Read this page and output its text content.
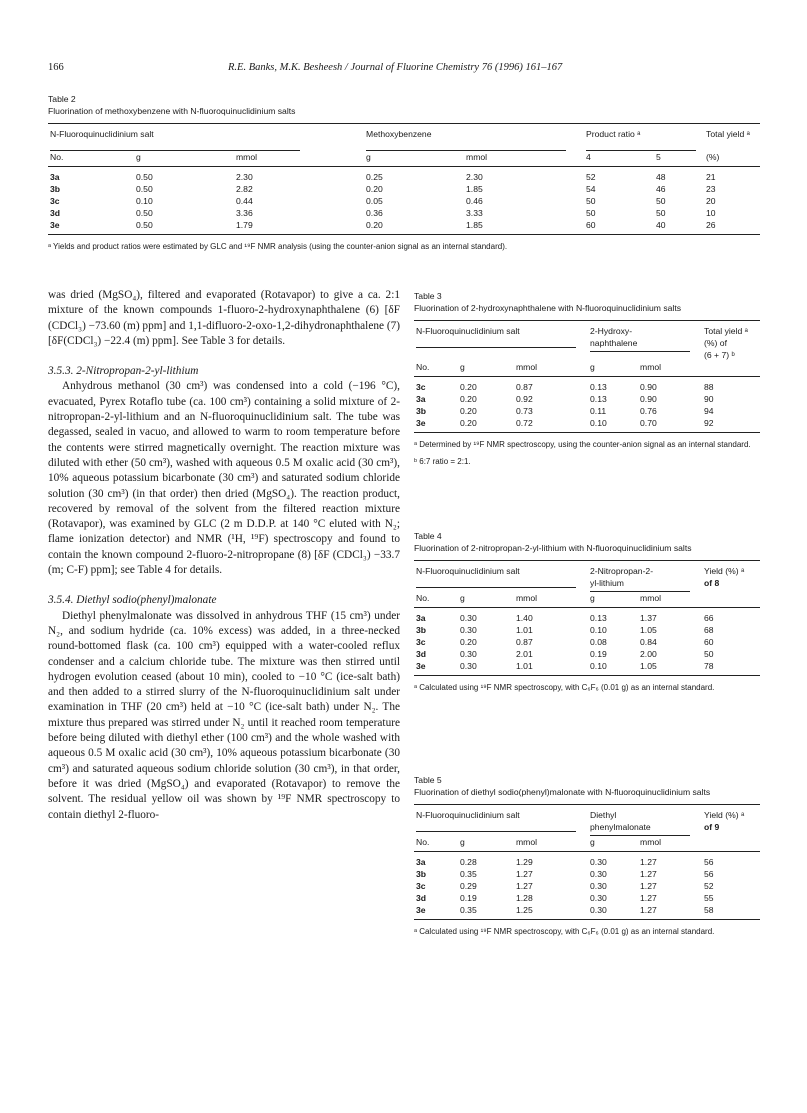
166	R.E. Banks, M.K. Besheesh / Journal of Fluorine Chemistry 76 (1996) 161–167
Table 2
Fluorination of methoxybenzene with N-fluoroquinuclidinium salts
N-Fluoroquinuclidinium salt			Methoxybenzene		Product ratio ᵃ		Total yield ᵃ
No.	g	mmol	g	mmol	4	5	(%)
3a	0.50	2.30	0.25	2.30	52	48	21
3b	0.50	2.82	0.20	1.85	54	46	23
3c	0.10	0.44	0.05	0.46	50	50	20
3d	0.50	3.36	0.36	3.33	50	50	10
3e	0.50	1.79	0.20	1.85	60	40	26
ᵃ Yields and product ratios were estimated by GLC and ¹⁹F NMR analysis (using the counter-anion signal as an internal standard).

was dried (MgSO₄), filtered and evaporated (Rotavapor) to give a ca. 2:1 mixture of the known compounds 1-fluoro-2-hydroxynaphthalene (6) [δF (CDCl₃) −73.60 (m) ppm] and 1,1-difluoro-2-oxo-1,2-dihydronaphthalene (7) [δF(CDCl₃) −22.4 (m) ppm]. See Table 3 for details.

3.5.3. 2-Nitropropan-2-yl-lithium

Anhydrous methanol (30 cm³) was condensed into a cold (−196 °C), evacuated, Pyrex Rotaflo tube (ca. 100 cm³) containing a solid mixture of 2-nitropropan-2-yl-lithium and an N-fluoroquinuclidinium salt. The tube was degassed, sealed in vacuo, and allowed to warm to room temperature before the contents were stirred magnetically overnight. The reaction mixture was diluted with ether (50 cm³), washed with aqueous 0.5 M oxalic acid (30 cm³), 10% aqueous potassium bicarbonate (30 cm³) and saturated sodium chloride solution (30 cm³) (in that order) then dried (MgSO₄). The reaction product, recovered by removal of the solvent from the filtered reaction mixture (Rotavapor), was examined by GLC (2 m D.D.P. at 140 °C eluted with N₂; flame ionization detector) and NMR (¹H, ¹⁹F) spectroscopy and found to contain the known compound 2-fluoro-2-nitropropane (8) [δF (CDCl₃) −33.7 (m; C-F) ppm]; see Table 4 for details.

3.5.4. Diethyl sodio(phenyl)malonate

Diethyl phenylmalonate was dissolved in anhydrous THF (15 cm³) under N₂, and sodium hydride (ca. 10% excess) was added, in a three-necked round-bottomed flask (ca. 100 cm³) equipped with a water-cooled reflux condenser and a calcium chloride tube. The mixture was then stirred until hydrogen evolution ceased (about 10 min), cooled to −10 °C (ice-salt bath) and then added to a stirred slurry of the N-fluoroquinuclidinium salt under examination in THF (20 cm³) held at −10 °C (ice-salt bath) under N₂. The mixture thus prepared was stirred under N₂ until it reached room temperature before being diluted with diethyl ether (100 cm³) and the whole washed with aqueous 0.5 M oxalic acid (30 cm³), 10% aqueous potassium bicarbonate (30 cm³) and saturated aqueous sodium chloride solution (30 cm³), in that order, before it was dried (MgSO₄) and evaporated (Rotavapor) to remove the solvent. The residual yellow oil was shown by ¹⁹F NMR spectroscopy to contain diethyl 2-fluoro-

Table 3
Fluorination of 2-hydroxynaphthalene with N-fluoroquinuclidinium salts
N-Fluoroquinuclidinium salt			2-Hydroxy-
naphthalene		Total yield ᵃ
(%) of
(6 + 7) ᵇ
No.	g	mmol	g	mmol	
3c	0.20	0.87	0.13	0.90	88
3a	0.20	0.92	0.13	0.90	90
3b	0.20	0.73	0.11	0.76	94
3e	0.20	0.72	0.10	0.70	92
ᵃ Determined by ¹⁹F NMR spectroscopy, using the counter-anion signal as an internal standard.
ᵇ 6:7 ratio = 2:1.
Table 4
Fluorination of 2-nitropropan-2-yl-lithium with N-fluoroquinuclidinium salts
N-Fluoroquinuclidinium salt			2-Nitropropan-2-
yl-lithium		Yield (%) ᵃ
of 8
No.	g	mmol	g	mmol	
3a	0.30	1.40	0.13	1.37	66
3b	0.30	1.01	0.10	1.05	68
3c	0.20	0.87	0.08	0.84	60
3d	0.30	2.01	0.19	2.00	50
3e	0.30	1.01	0.10	1.05	78
ᵃ Calculated using ¹⁹F NMR spectroscopy, with C₆F₆ (0.01 g) as an internal standard.
Table 5
Fluorination of diethyl sodio(phenyl)malonate with N-fluoroquinuclidinium salts
N-Fluoroquinuclidinium salt			Diethyl
phenylmalonate		Yield (%) ᵃ
of 9
No.	g	mmol	g	mmol	
3a	0.28	1.29	0.30	1.27	56
3b	0.35	1.27	0.30	1.27	56
3c	0.29	1.27	0.30	1.27	52
3d	0.19	1.28	0.30	1.27	55
3e	0.35	1.25	0.30	1.27	58
ᵃ Calculated using ¹⁹F NMR spectroscopy, with C₆F₆ (0.01 g) as an internal standard.
